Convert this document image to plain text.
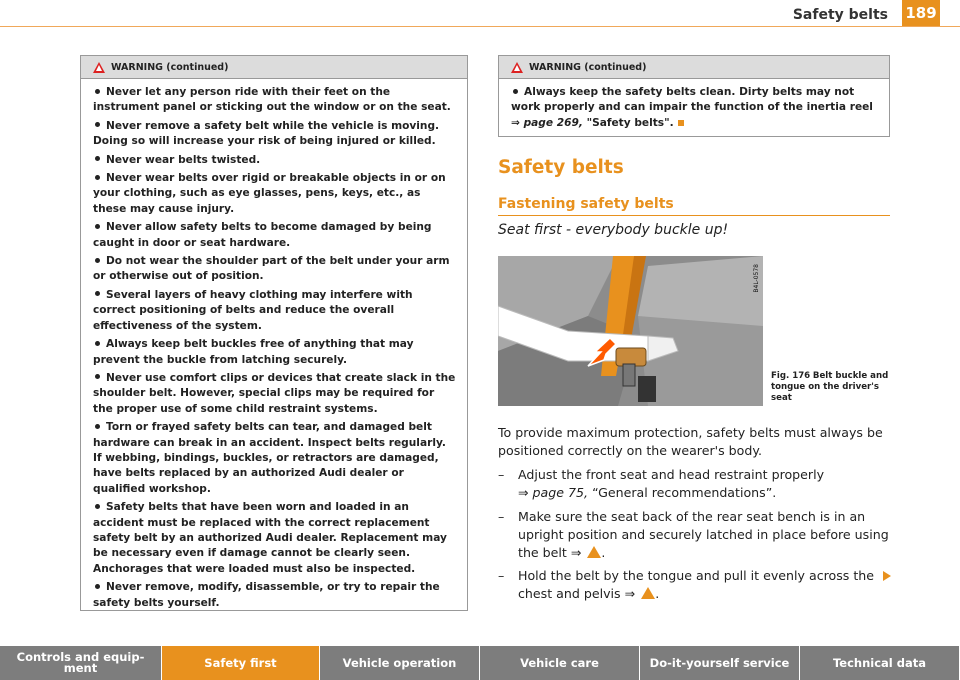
Safety belts 189
WARNING (continued)
Never let any person ride with their feet on the instrument panel or sticking out the window or on the seat.
Never remove a safety belt while the vehicle is moving. Doing so will increase your risk of being injured or killed.
Never wear belts twisted.
Never wear belts over rigid or breakable objects in or on your clothing, such as eye glasses, pens, keys, etc., as these may cause injury.
Never allow safety belts to become damaged by being caught in door or seat hardware.
Do not wear the shoulder part of the belt under your arm or otherwise out of position.
Several layers of heavy clothing may interfere with correct positioning of belts and reduce the overall effectiveness of the system.
Always keep belt buckles free of anything that may prevent the buckle from latching securely.
Never use comfort clips or devices that create slack in the shoulder belt. However, special clips may be required for the proper use of some child restraint systems.
Torn or frayed safety belts can tear, and damaged belt hardware can break in an accident. Inspect belts regularly. If webbing, bindings, buckles, or retractors are damaged, have belts replaced by an authorized Audi dealer or qualified workshop.
Safety belts that have been worn and loaded in an accident must be replaced with the correct replacement safety belt by an authorized Audi dealer. Replacement may be necessary even if damage cannot be clearly seen. Anchorages that were loaded must also be inspected.
Never remove, modify, disassemble, or try to repair the safety belts yourself.
WARNING (continued)
Always keep the safety belts clean. Dirty belts may not work properly and can impair the function of the inertia reel ⇒ page 269, "Safety belts".
Safety belts
Fastening safety belts
Seat first - everybody buckle up!
B4L-0578
Fig. 176 Belt buckle and tongue on the driver's seat
To provide maximum protection, safety belts must always be positioned correctly on the wearer's body.
– Adjust the front seat and head restraint properly
⇒ page 75, “General recommendations”.
– Make sure the seat back of the rear seat bench is in an upright position and securely latched in place before using the belt ⇒ .
– Hold the belt by the tongue and pull it evenly across the chest and pelvis ⇒ .
Controls and equip-ment	Safety first	Vehicle operation	Vehicle care	Do-it-yourself service	Technical data
